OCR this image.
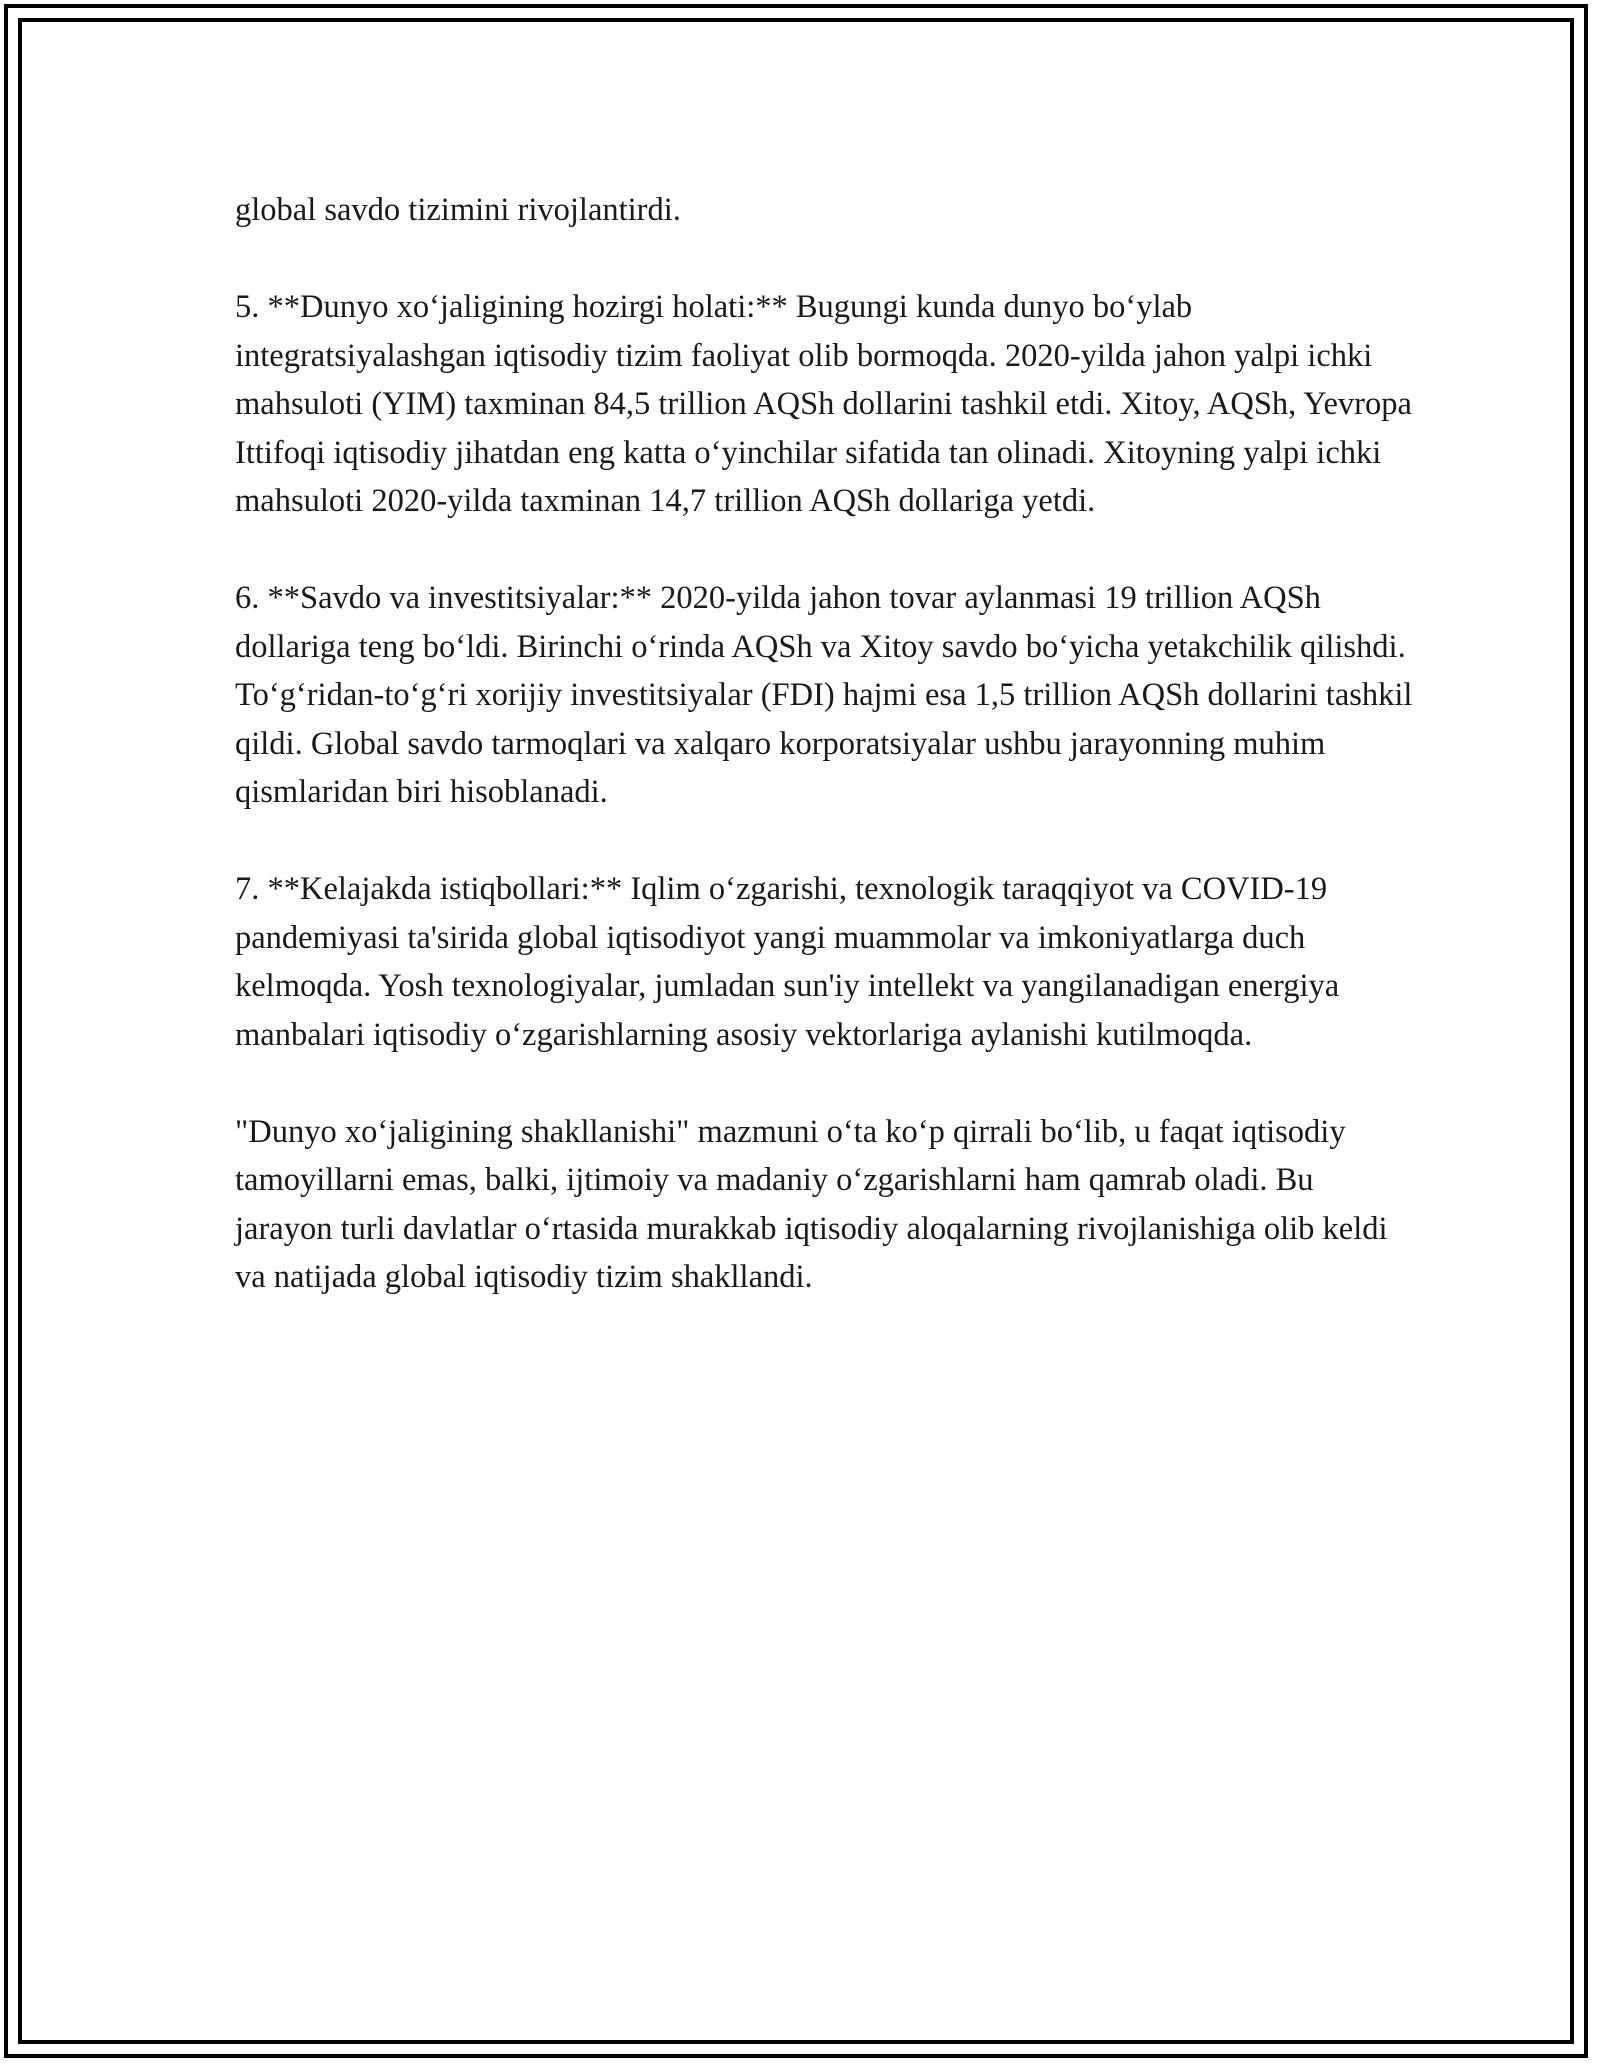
global savdo tizimini rivojlantirdi.

5. **Dunyo xo‘jaligining hozirgi holati:** Bugungi kunda dunyo bo‘ylab integratsiyalashgan iqtisodiy tizim faoliyat olib bormoqda. 2020-yilda jahon yalpi ichki mahsuloti (YIM) taxminan 84,5 trillion AQSh dollarini tashkil etdi. Xitoy, AQSh, Yevropa Ittifoqi iqtisodiy jihatdan eng katta o‘yinchilar sifatida tan olinadi. Xitoyning yalpi ichki mahsuloti 2020-yilda taxminan 14,7 trillion AQSh dollariga yetdi.

6. **Savdo va investitsiyalar:** 2020-yilda jahon tovar aylanmasi 19 trillion AQSh dollariga teng bo‘ldi. Birinchi o‘rinda AQSh va Xitoy savdo bo‘yicha yetakchilik qilishdi. To‘g‘ridan-to‘g‘ri xorijiy investitsiyalar (FDI) hajmi esa 1,5 trillion AQSh dollarini tashkil qildi. Global savdo tarmoqlari va xalqaro korporatsiyalar ushbu jarayonning muhim qismlaridan biri hisoblanadi.

7. **Kelajakda istiqbollari:** Iqlim o‘zgarishi, texnologik taraqqiyot va COVID-19 pandemiyasi ta'sirida global iqtisodiyot yangi muammolar va imkoniyatlarga duch kelmoqda. Yosh texnologiyalar, jumladan sun'iy intellekt va yangilanadigan energiya manbalari iqtisodiy o‘zgarishlarning asosiy vektorlariga aylanishi kutilmoqda.

"Dunyo xo‘jaligining shakllanishi" mazmuni o‘ta ko‘p qirrali bo‘lib, u faqat iqtisodiy tamoyillarni emas, balki, ijtimoiy va madaniy o‘zgarishlarni ham qamrab oladi. Bu jarayon turli davlatlar o‘rtasida murakkab iqtisodiy aloqalarning rivojlanishiga olib keldi va natijada global iqtisodiy tizim shakllandi.
